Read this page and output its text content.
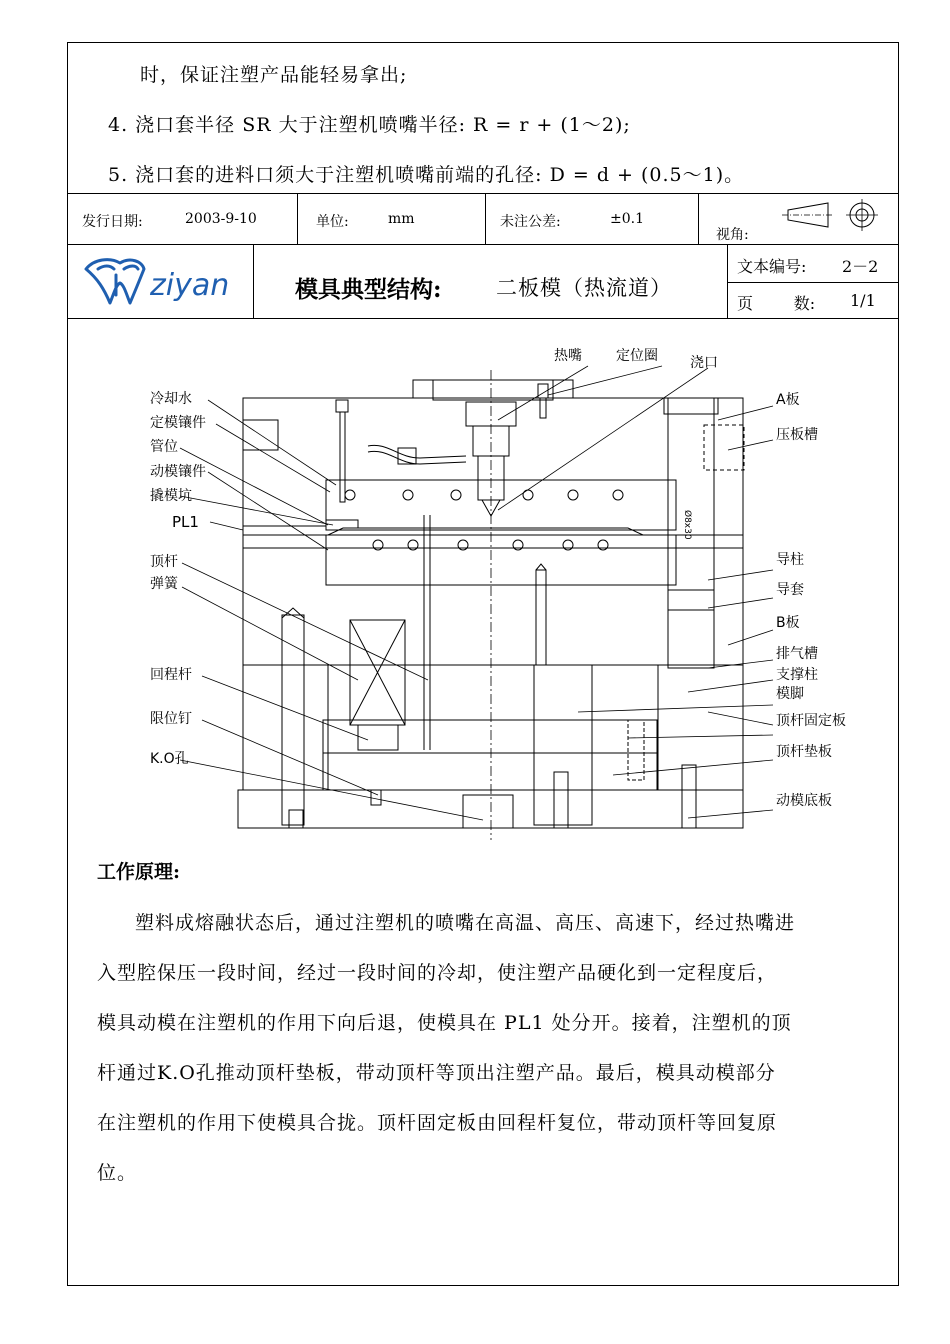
时，保证注塑产品能轻易拿出;
4. 浇口套半径 SR 大于注塑机喷嘴半径: R = r + (1～2);
5. 浇口套的进料口须大于注塑机喷嘴前端的孔径: D = d + (0.5～1)。
发行日期:	2003-9-10	单位:	mm	未注公差:	±0.1
视角:
ziyan	模具典型结构:	二板模（热流道）
文本编号: 2－2
页        数: 1/1
Ø8x30
冷却水
定模镶件
管位
动模镶件
撬模坑
PL1
顶杆
弹簧
回程杆
限位钉
K.O孔
热嘴 定位圈 浇口
A板
压板槽
导柱
导套
B板
排气槽
支撑柱
模脚
顶杆固定板
顶杆垫板
动模底板
工作原理:
塑料成熔融状态后，通过注塑机的喷嘴在高温、高压、高速下，经过热嘴进
入型腔保压一段时间，经过一段时间的冷却，使注塑产品硬化到一定程度后，
模具动模在注塑机的作用下向后退，使模具在 PL1 处分开。接着，注塑机的顶
杆通过K.O孔推动顶杆垫板，带动顶杆等顶出注塑产品。最后，模具动模部分
在注塑机的作用下使模具合拢。顶杆固定板由回程杆复位，带动顶杆等回复原
位。
